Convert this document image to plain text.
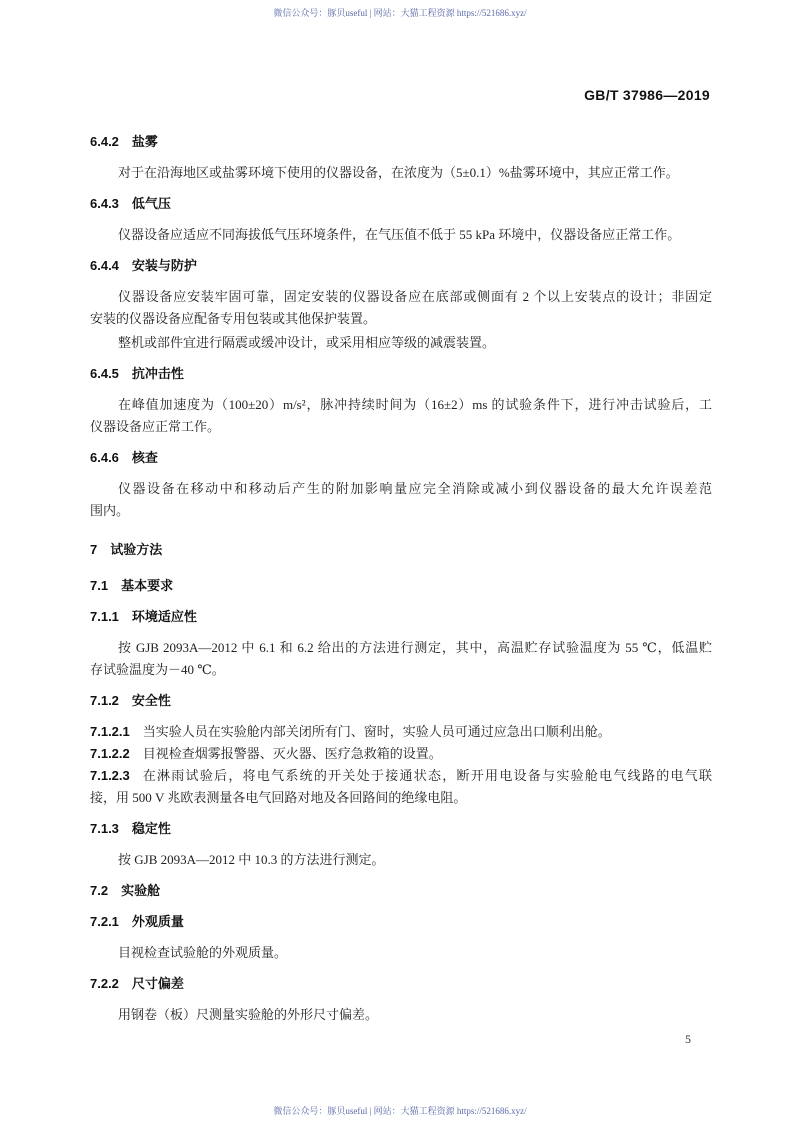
微信公众号：豚贝useful | 网站：大猫工程资源 https://521686.xyz/
GB/T 37986—2019
6.4.2 盐雾
对于在沿海地区或盐雾环境下使用的仪器设备，在浓度为（5±0.1）%盐雾环境中，其应正常工作。
6.4.3 低气压
仪器设备应适应不同海拔低气压环境条件，在气压值不低于 55 kPa 环境中，仪器设备应正常工作。
6.4.4 安装与防护
仪器设备应安装牢固可靠，固定安装的仪器设备应在底部或侧面有 2 个以上安装点的设计；非固定
安装的仪器设备应配备专用包装或其他保护装置。
整机或部件宜进行隔震或缓冲设计，或采用相应等级的减震装置。
6.4.5 抗冲击性
在峰值加速度为（100±20）m/s²，脉冲持续时间为（16±2）ms 的试验条件下，进行冲击试验后，工
仪器设备应正常工作。
6.4.6 核查
仪器设备在移动中和移动后产生的附加影响量应完全消除或减小到仪器设备的最大允许误差范
围内。
7 试验方法
7.1 基本要求
7.1.1 环境适应性
按 GJB 2093A—2012 中 6.1 和 6.2 给出的方法进行测定，其中，高温贮存试验温度为 55 ℃，低温贮
存试验温度为－40 ℃。
7.1.2 安全性
7.1.2.1 当实验人员在实验舱内部关闭所有门、窗时，实验人员可通过应急出口顺利出舱。
7.1.2.2 目视检查烟雾报警器、灭火器、医疗急救箱的设置。
7.1.2.3 在淋雨试验后，将电气系统的开关处于接通状态，断开用电设备与实验舱电气线路的电气联
接，用 500 V 兆欧表测量各电气回路对地及各回路间的绝缘电阻。
7.1.3 稳定性
按 GJB 2093A—2012 中 10.3 的方法进行测定。
7.2 实验舱
7.2.1 外观质量
目视检查试验舱的外观质量。
7.2.2 尺寸偏差
用钢卷（板）尺测量实验舱的外形尺寸偏差。
5
微信公众号：豚贝useful | 网站：大猫工程资源 https://521686.xyz/
